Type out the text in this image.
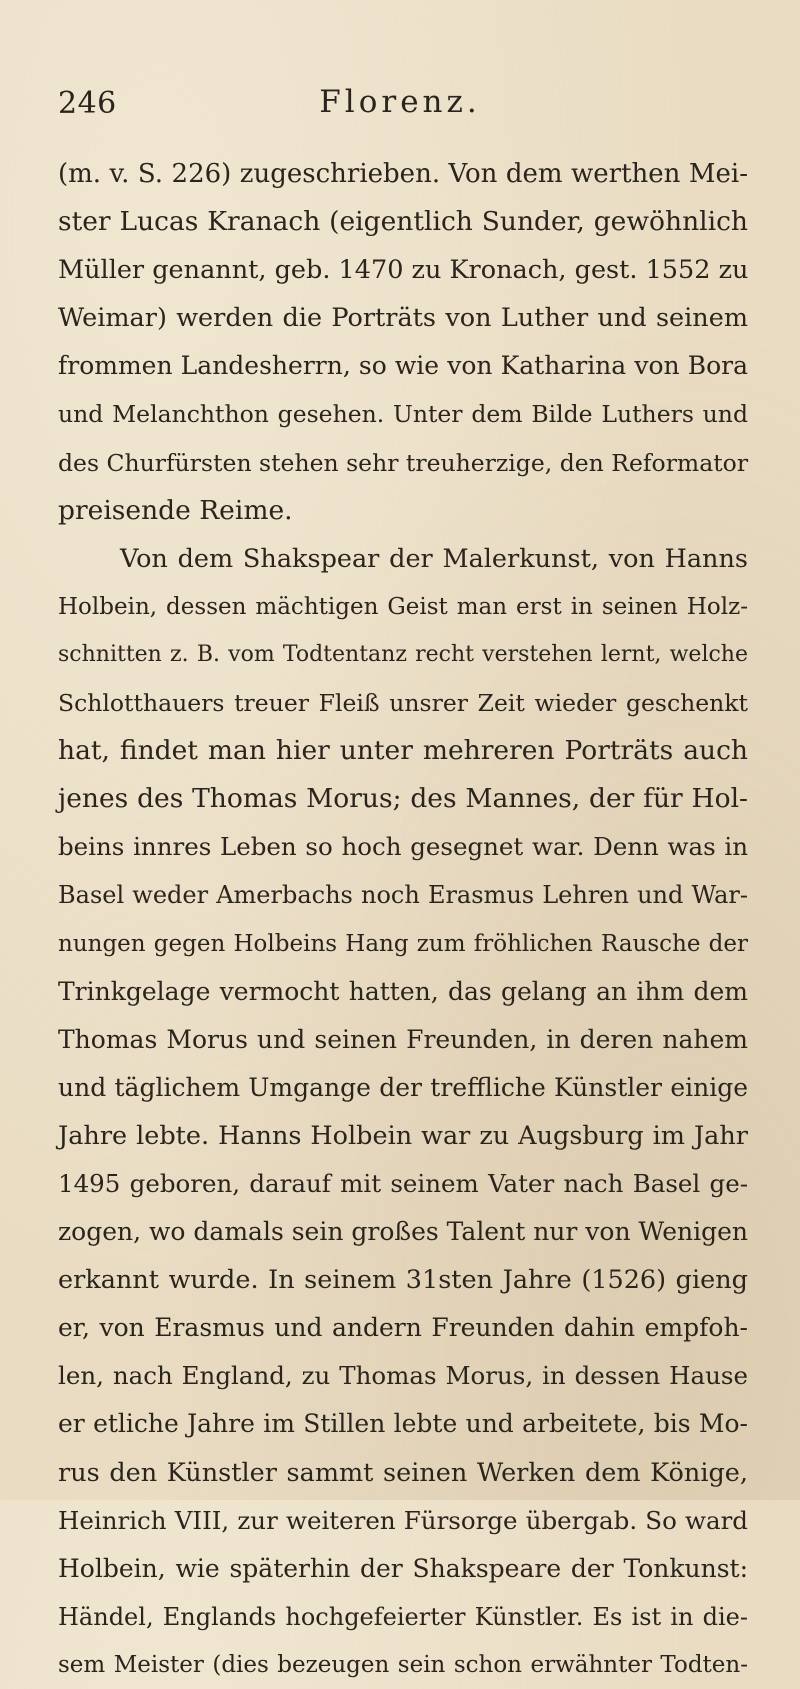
246	Florenz.
(m. v. S. 226) zugeschrieben. Von dem werthen Mei-
ster Lucas Kranach (eigentlich Sunder, gewöhnlich
Müller genannt, geb. 1470 zu Kronach, gest. 1552 zu
Weimar) werden die Porträts von Luther und seinem
frommen Landesherrn, so wie von Katharina von Bora
und Melanchthon gesehen. Unter dem Bilde Luthers und
des Churfürsten stehen sehr treuherzige, den Reformator
preisende Reime.
Von dem Shakspear der Malerkunst, von Hanns
Holbein, dessen mächtigen Geist man erst in seinen Holz-
schnitten z. B. vom Todtentanz recht verstehen lernt, welche
Schlotthauers treuer Fleiß unsrer Zeit wieder geschenkt
hat, findet man hier unter mehreren Porträts auch
jenes des Thomas Morus; des Mannes, der für Hol-
beins innres Leben so hoch gesegnet war. Denn was in
Basel weder Amerbachs noch Erasmus Lehren und War-
nungen gegen Holbeins Hang zum fröhlichen Rausche der
Trinkgelage vermocht hatten, das gelang an ihm dem
Thomas Morus und seinen Freunden, in deren nahem
und täglichem Umgange der treffliche Künstler einige
Jahre lebte. Hanns Holbein war zu Augsburg im Jahr
1495 geboren, darauf mit seinem Vater nach Basel ge-
zogen, wo damals sein großes Talent nur von Wenigen
erkannt wurde. In seinem 31sten Jahre (1526) gieng
er, von Erasmus und andern Freunden dahin empfoh-
len, nach England, zu Thomas Morus, in dessen Hause
er etliche Jahre im Stillen lebte und arbeitete, bis Mo-
rus den Künstler sammt seinen Werken dem Könige,
Heinrich VIII, zur weiteren Fürsorge übergab. So ward
Holbein, wie späterhin der Shakspeare der Tonkunst:
Händel, Englands hochgefeierter Künstler. Es ist in die-
sem Meister (dies bezeugen sein schon erwähnter Todten-
